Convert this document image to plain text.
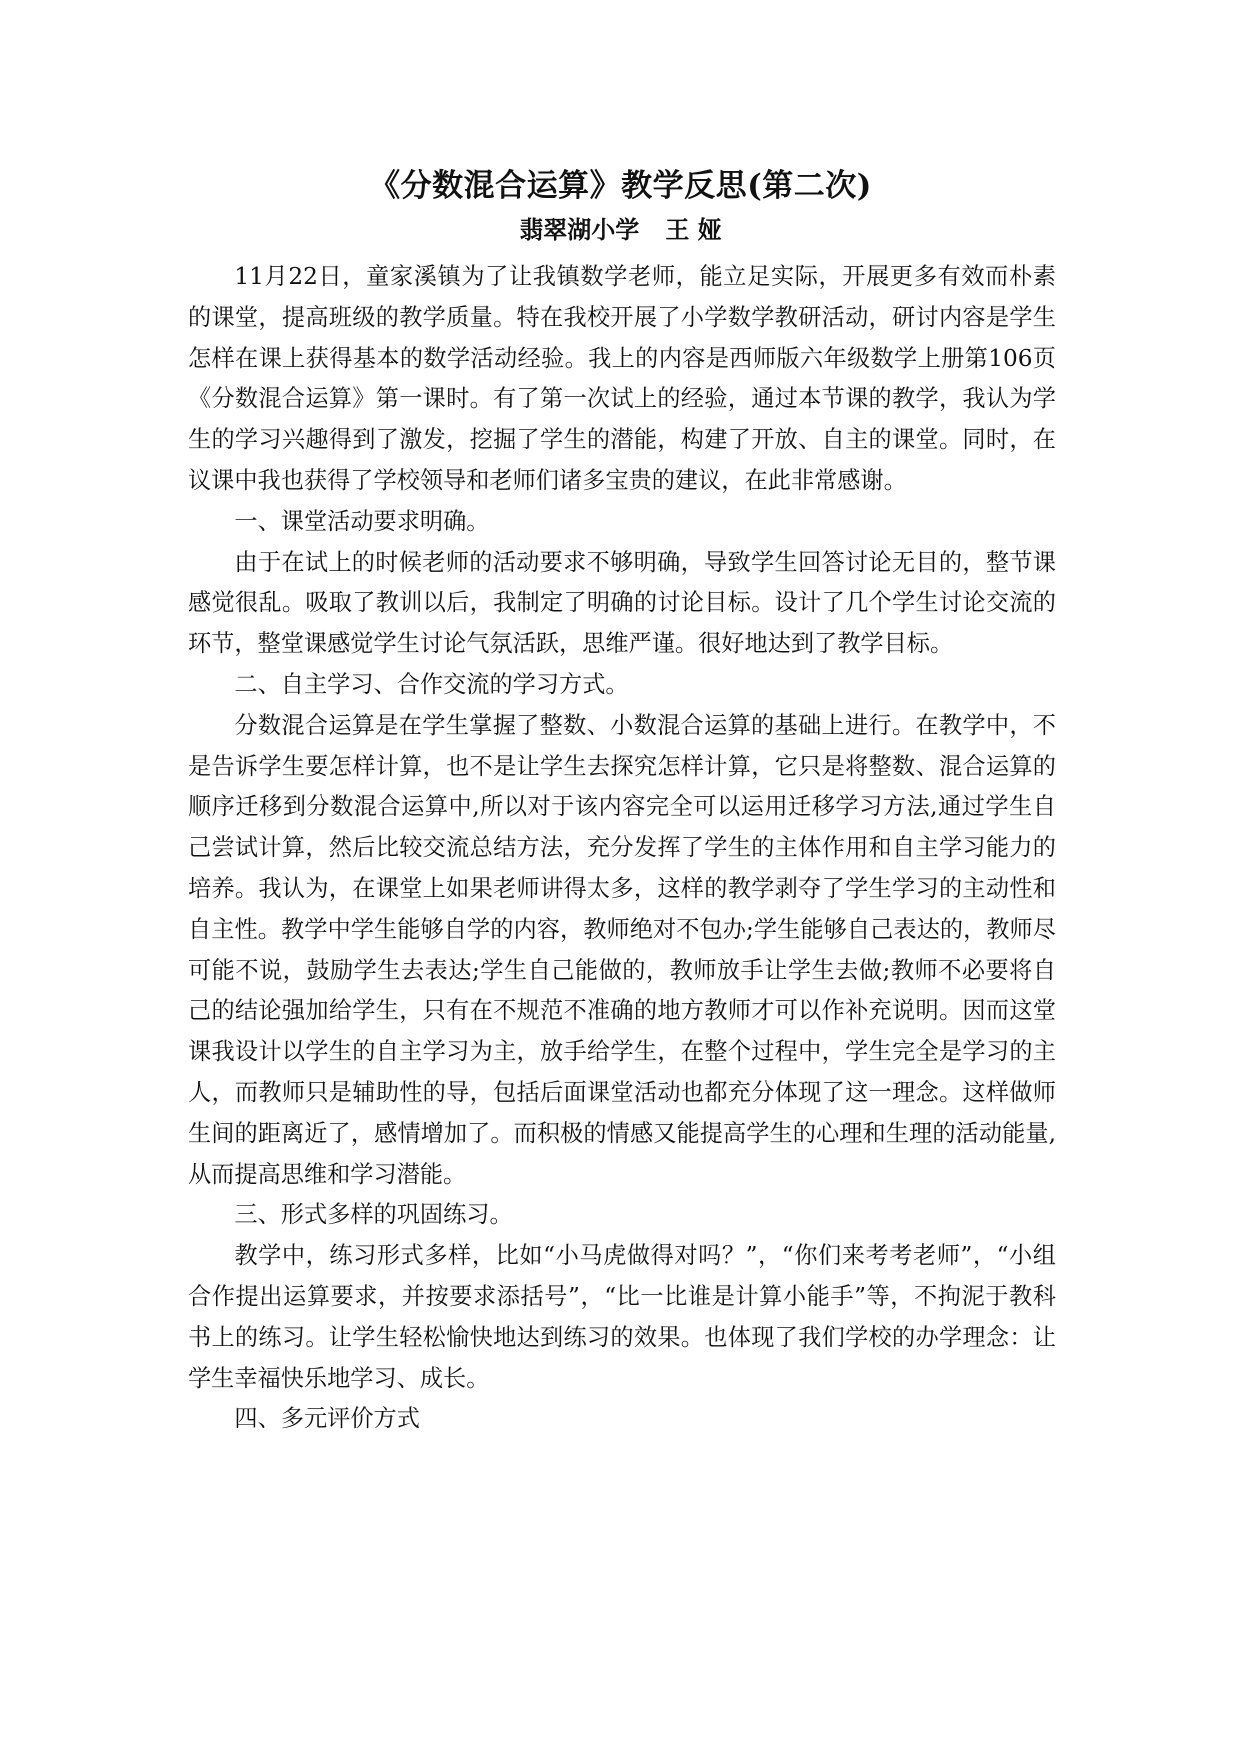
《分数混合运算》教学反思(第二次)
翡翠湖小学 王 娅

11月22日，童家溪镇为了让我镇数学老师，能立足实际，开展更多有效而朴素的课堂，提高班级的教学质量。特在我校开展了小学数学教研活动，研讨内容是学生怎样在课上获得基本的数学活动经验。我上的内容是西师版六年级数学上册第106页《分数混合运算》第一课时。有了第一次试上的经验，通过本节课的教学，我认为学生的学习兴趣得到了激发，挖掘了学生的潜能，构建了开放、自主的课堂。同时，在议课中我也获得了学校领导和老师们诸多宝贵的建议，在此非常感谢。

一、课堂活动要求明确。

由于在试上的时候老师的活动要求不够明确，导致学生回答讨论无目的，整节课感觉很乱。吸取了教训以后，我制定了明确的讨论目标。设计了几个学生讨论交流的环节，整堂课感觉学生讨论气氛活跃，思维严谨。很好地达到了教学目标。

二、自主学习、合作交流的学习方式。

分数混合运算是在学生掌握了整数、小数混合运算的基础上进行。在教学中，不是告诉学生要怎样计算，也不是让学生去探究怎样计算，它只是将整数、混合运算的顺序迁移到分数混合运算中,所以对于该内容完全可以运用迁移学习方法,通过学生自己尝试计算，然后比较交流总结方法，充分发挥了学生的主体作用和自主学习能力的培养。我认为，在课堂上如果老师讲得太多，这样的教学剥夺了学生学习的主动性和自主性。教学中学生能够自学的内容，教师绝对不包办;学生能够自己表达的，教师尽可能不说，鼓励学生去表达;学生自己能做的，教师放手让学生去做;教师不必要将自己的结论强加给学生，只有在不规范不准确的地方教师才可以作补充说明。因而这堂课我设计以学生的自主学习为主，放手给学生，在整个过程中，学生完全是学习的主人，而教师只是辅助性的导，包括后面课堂活动也都充分体现了这一理念。这样做师生间的距离近了，感情增加了。而积极的情感又能提高学生的心理和生理的活动能量,从而提高思维和学习潜能。

三、形式多样的巩固练习。

教学中，练习形式多样，比如“小马虎做得对吗？”，“你们来考考老师”，“小组合作提出运算要求，并按要求添括号”，“比一比谁是计算小能手”等，不拘泥于教科书上的练习。让学生轻松愉快地达到练习的效果。也体现了我们学校的办学理念：让学生幸福快乐地学习、成长。

四、多元评价方式
